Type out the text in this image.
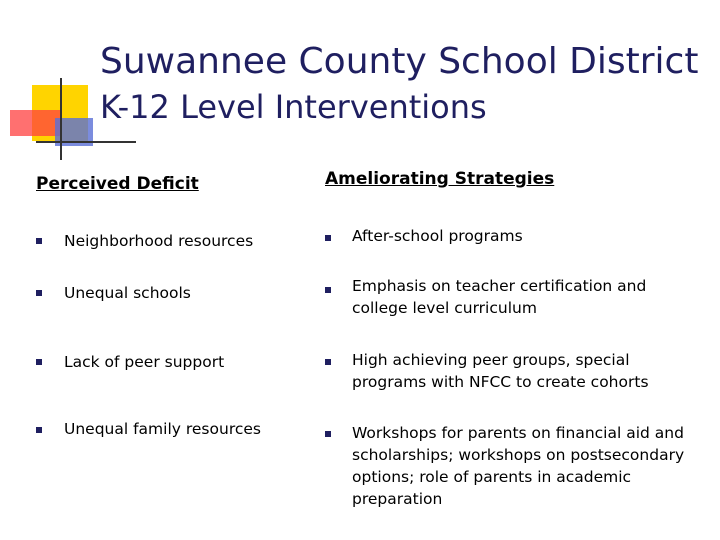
Suwannee County School District
K-12 Level Interventions
Perceived Deficit	Ameliorating Strategies
Neighborhood resources
Unequal schools
Lack of peer support
Unequal family resources
After-school programs
Emphasis on teacher certification and college level curriculum
High achieving peer groups, special programs with NFCC to create cohorts
Workshops for parents on financial aid and scholarships; workshops on postsecondary options; role of parents in academic preparation
